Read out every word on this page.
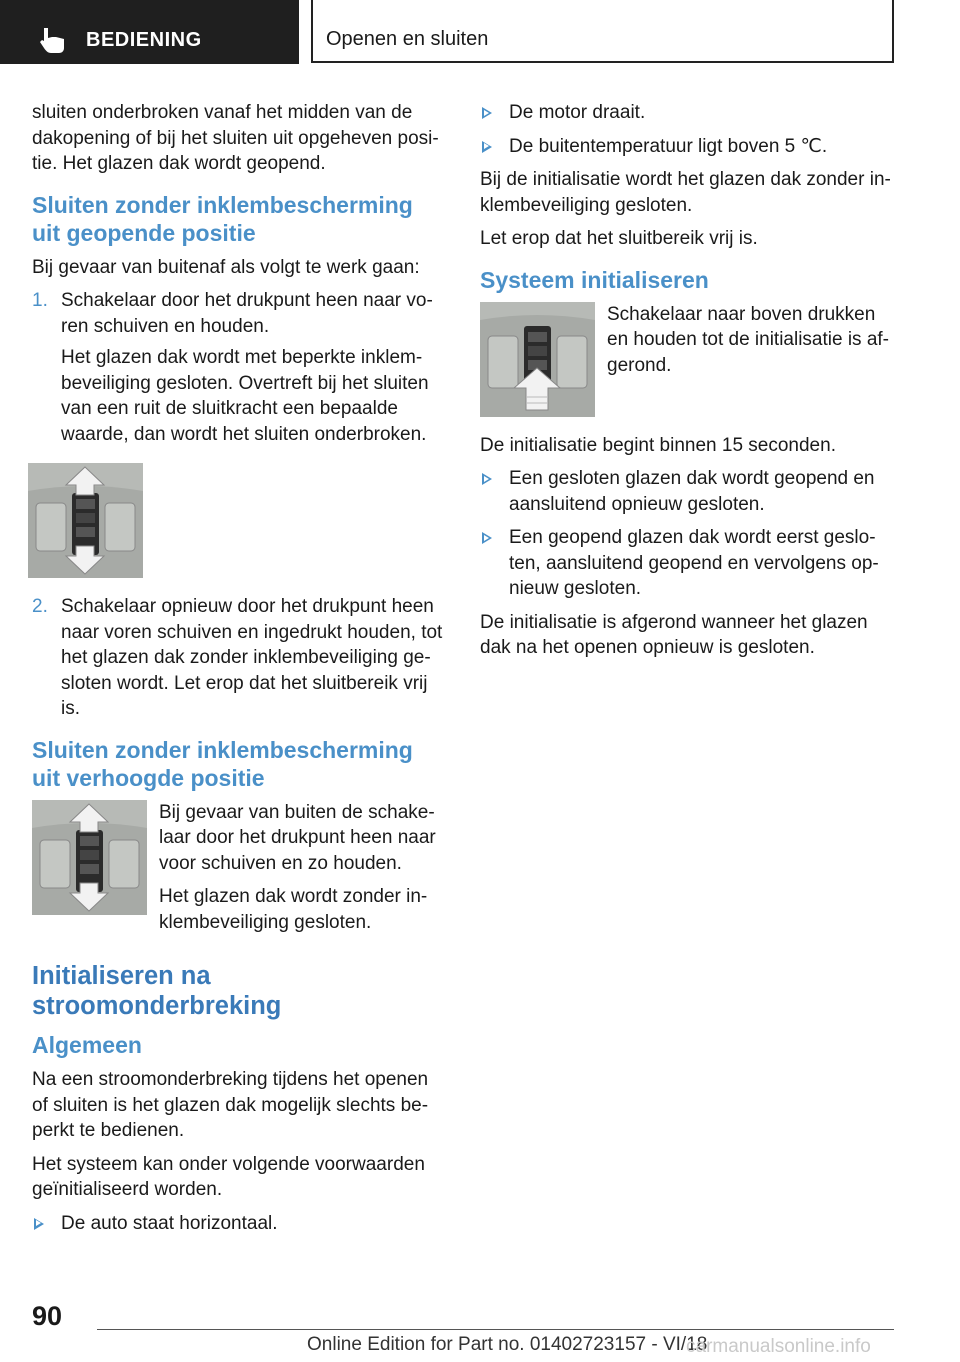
BEDIENING	Openen en sluiten

sluiten onderbroken vanaf het midden van de dakopening of bij het sluiten uit opgeheven posi-tie. Het glazen dak wordt geopend.

Sluiten zonder inklembescherming uit geopende positie

Bij gevaar van buitenaf als volgt te werk gaan:

1. Schakelaar door het drukpunt heen naar vo-ren schuiven en houden.

Het glazen dak wordt met beperkte inklem-beveiliging gesloten. Overtreft bij het sluiten van een ruit de sluitkracht een bepaalde waarde, dan wordt het sluiten onderbroken.

2. Schakelaar opnieuw door het drukpunt heen naar voren schuiven en ingedrukt houden, tot het glazen dak zonder inklembeveiliging ge-sloten wordt. Let erop dat het sluitbereik vrij is.

Sluiten zonder inklembescherming uit verhoogde positie

Bij gevaar van buiten de schake-laar door het drukpunt heen naar voor schuiven en zo houden.

Het glazen dak wordt zonder in-klembeveiliging gesloten.

Initialiseren na stroomonderbreking
Algemeen

Na een stroomonderbreking tijdens het openen of sluiten is het glazen dak mogelijk slechts be-perkt te bedienen.

Het systeem kan onder volgende voorwaarden geïnitialiseerd worden.

De auto staat horizontaal.

De motor draait.

De buitentemperatuur ligt boven 5 ℃.

Bij de initialisatie wordt het glazen dak zonder in-klembeveiliging gesloten.

Let erop dat het sluitbereik vrij is.

Systeem initialiseren

Schakelaar naar boven drukken en houden tot de initialisatie is af-gerond.

De initialisatie begint binnen 15 seconden.

Een gesloten glazen dak wordt geopend en aansluitend opnieuw gesloten.

Een geopend glazen dak wordt eerst geslo-ten, aansluitend geopend en vervolgens op-nieuw gesloten.

De initialisatie is afgerond wanneer het glazen dak na het openen opnieuw is gesloten.

90
Online Edition for Part no. 01402723157 - VI/18
carmanualsonline.info
